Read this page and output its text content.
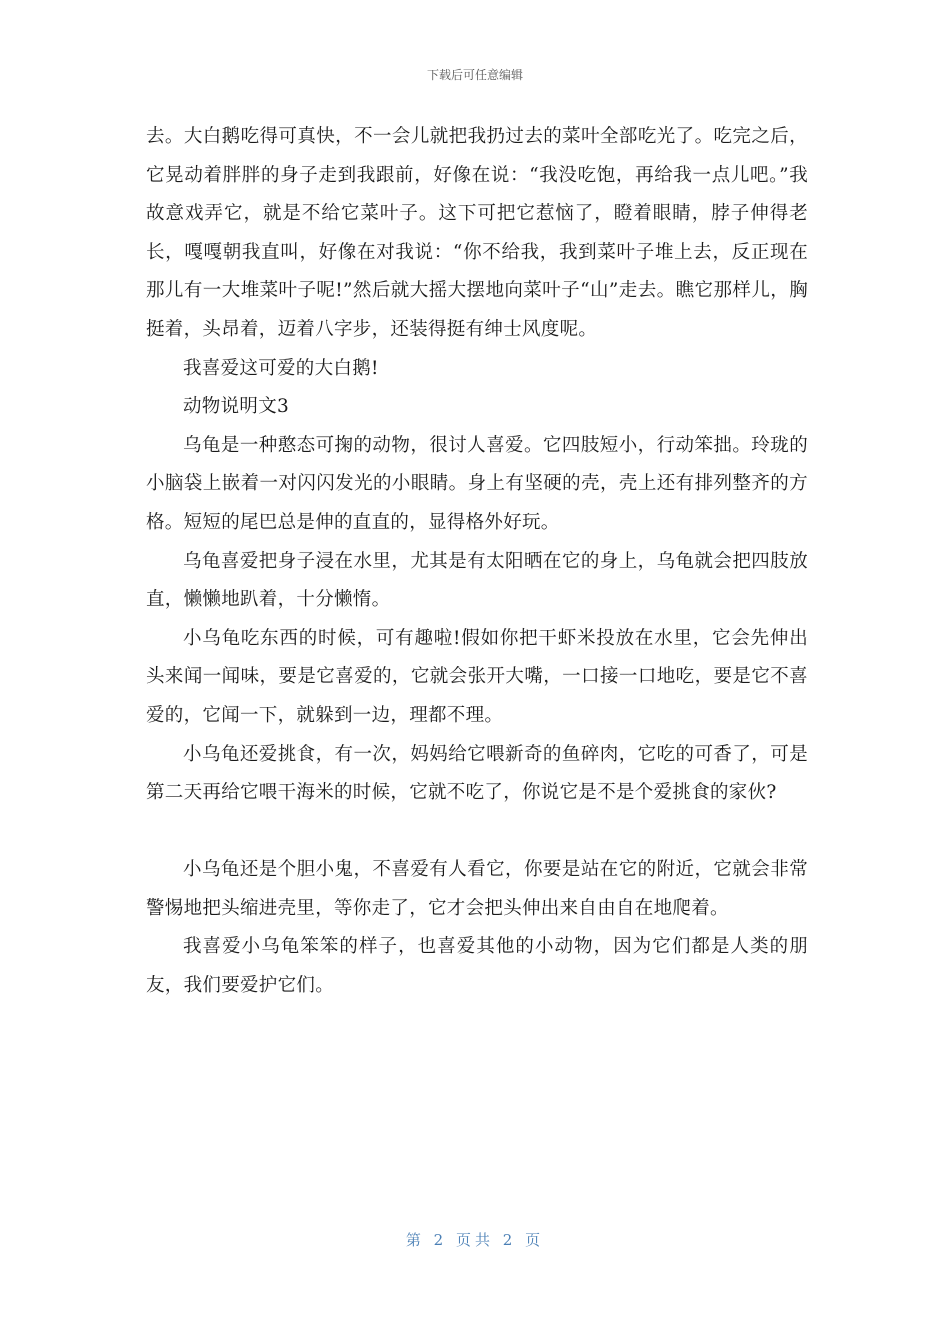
下载后可任意编辑

去。大白鹅吃得可真快，不一会儿就把我扔过去的菜叶全部吃光了。吃完之后，它晃动着胖胖的身子走到我跟前，好像在说：“我没吃饱，再给我一点儿吧。”我故意戏弄它，就是不给它菜叶子。这下可把它惹恼了，瞪着眼睛，脖子伸得老长，嘎嘎朝我直叫，好像在对我说：“你不给我，我到菜叶子堆上去，反正现在那儿有一大堆菜叶子呢!”然后就大摇大摆地向菜叶子“山”走去。瞧它那样儿，胸挺着，头昂着，迈着八字步，还装得挺有绅士风度呢。

我喜爱这可爱的大白鹅!

动物说明文3

乌龟是一种憨态可掬的动物，很讨人喜爱。它四肢短小，行动笨拙。玲珑的小脑袋上嵌着一对闪闪发光的小眼睛。身上有坚硬的壳，壳上还有排列整齐的方格。短短的尾巴总是伸的直直的，显得格外好玩。

乌龟喜爱把身子浸在水里，尤其是有太阳晒在它的身上，乌龟就会把四肢放直，懒懒地趴着，十分懒惰。

小乌龟吃东西的时候，可有趣啦!假如你把干虾米投放在水里，它会先伸出头来闻一闻味，要是它喜爱的，它就会张开大嘴，一口接一口地吃，要是它不喜爱的，它闻一下，就躲到一边，理都不理。

小乌龟还爱挑食，有一次，妈妈给它喂新奇的鱼碎肉，它吃的可香了，可是第二天再给它喂干海米的时候，它就不吃了，你说它是不是个爱挑食的家伙?

小乌龟还是个胆小鬼，不喜爱有人看它，你要是站在它的附近，它就会非常警惕地把头缩进壳里，等你走了，它才会把头伸出来自由自在地爬着。

我喜爱小乌龟笨笨的样子，也喜爱其他的小动物，因为它们都是人类的朋友，我们要爱护它们。

第 2 页共 2 页
